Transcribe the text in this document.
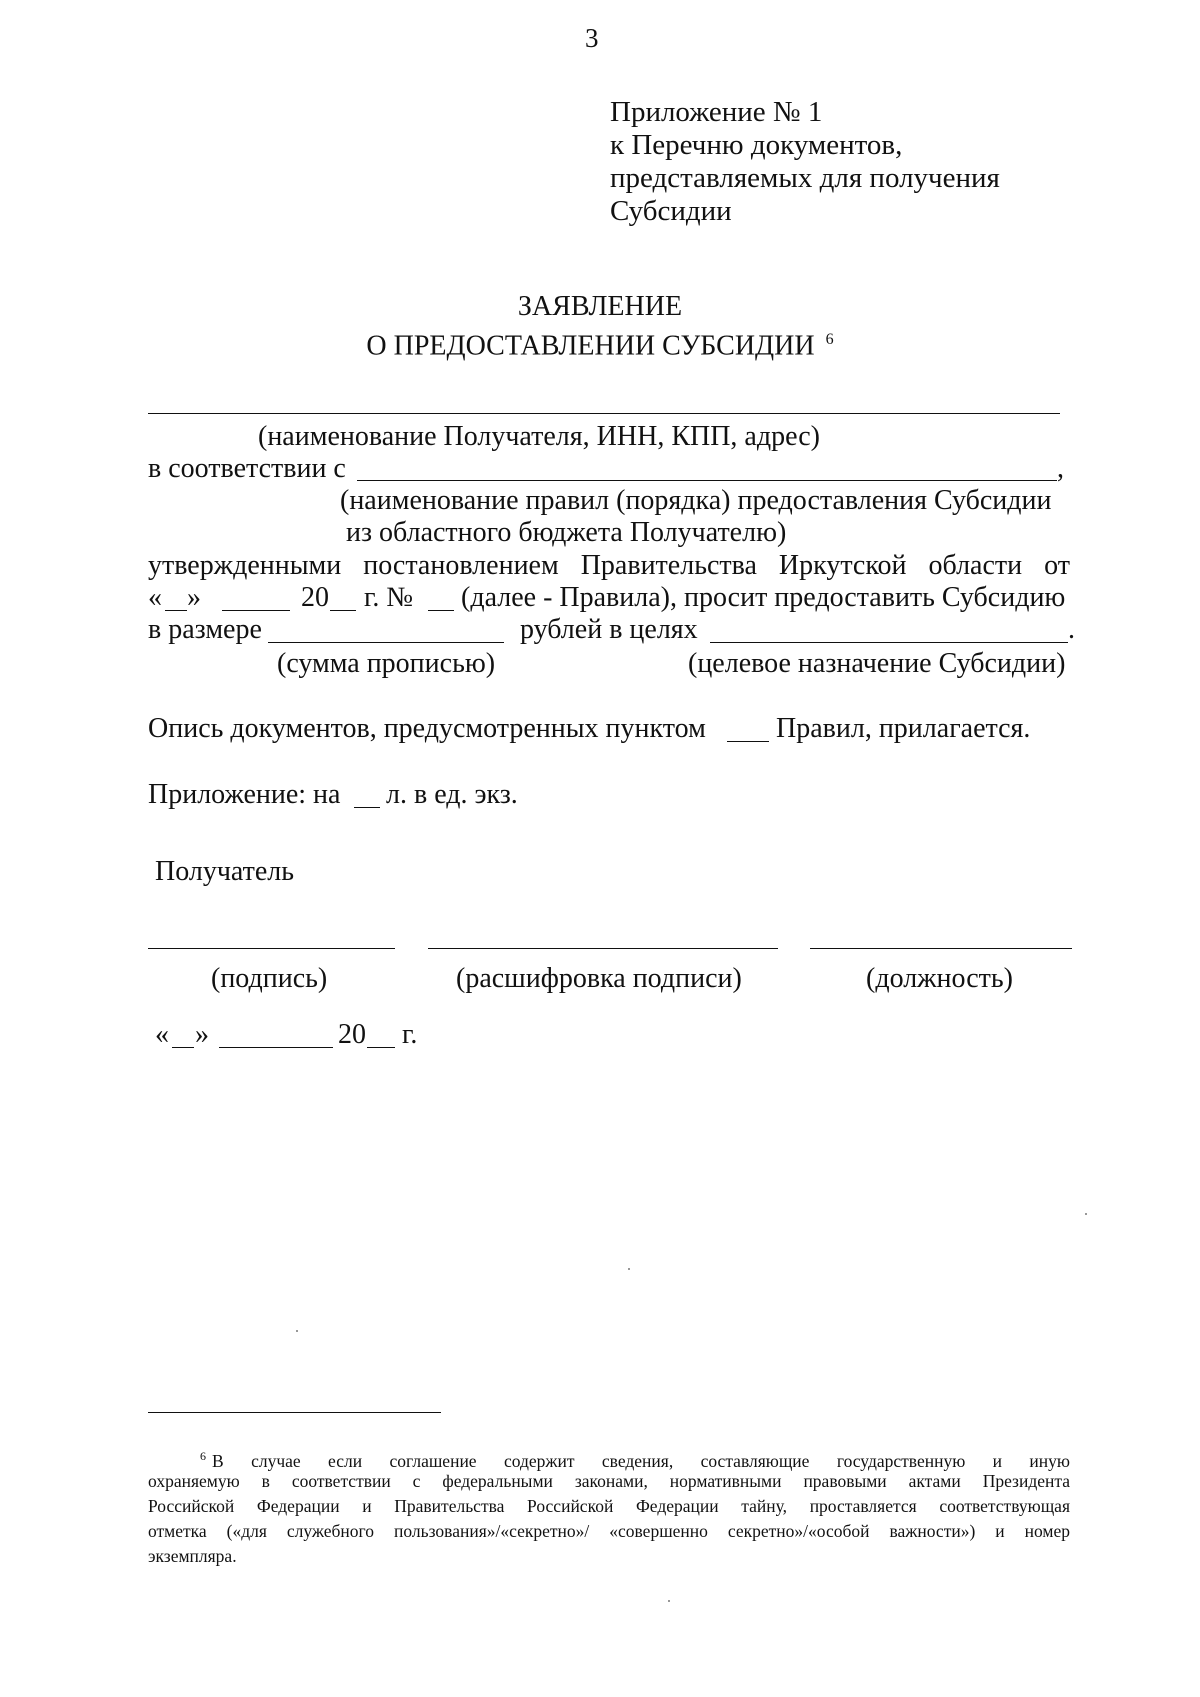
3
Приложение № 1
к Перечню документов,
представляемых для получения
Субсидии
ЗАЯВЛЕНИЕ
О ПРЕДОСТАВЛЕНИИ СУБСИДИИ $^6$
(наименование Получателя, ИНН, КПП, адрес)
в соответствии с	,
(наименование правил (порядка) предоставления Субсидии
из областного бюджета Получателю)
утвержденными постановлением Правительства Иркутской области от
« »	20 г. № (далее - Правила), просит предоставить Субсидию
в размере	рублей в целях	.
(сумма прописью)	(целевое назначение Субсидии)
Опись документов, предусмотренных пунктом	Правил, прилагается.
Приложение: на л. в ед. экз.
Получатель
(подпись)	(расшифровка подписи)	(должность)
« »	20 г.
$^6$ В случае если соглашение содержит сведения, составляющие государственную и иную
охраняемую в соответствии с федеральными законами, нормативными правовыми актами Президента
Российской Федерации и Правительства Российской Федерации тайну, проставляется соответствующая
отметка («для служебного пользования»/«секретно»/ «совершенно секретно»/«особой важности») и номер
экземпляра.
